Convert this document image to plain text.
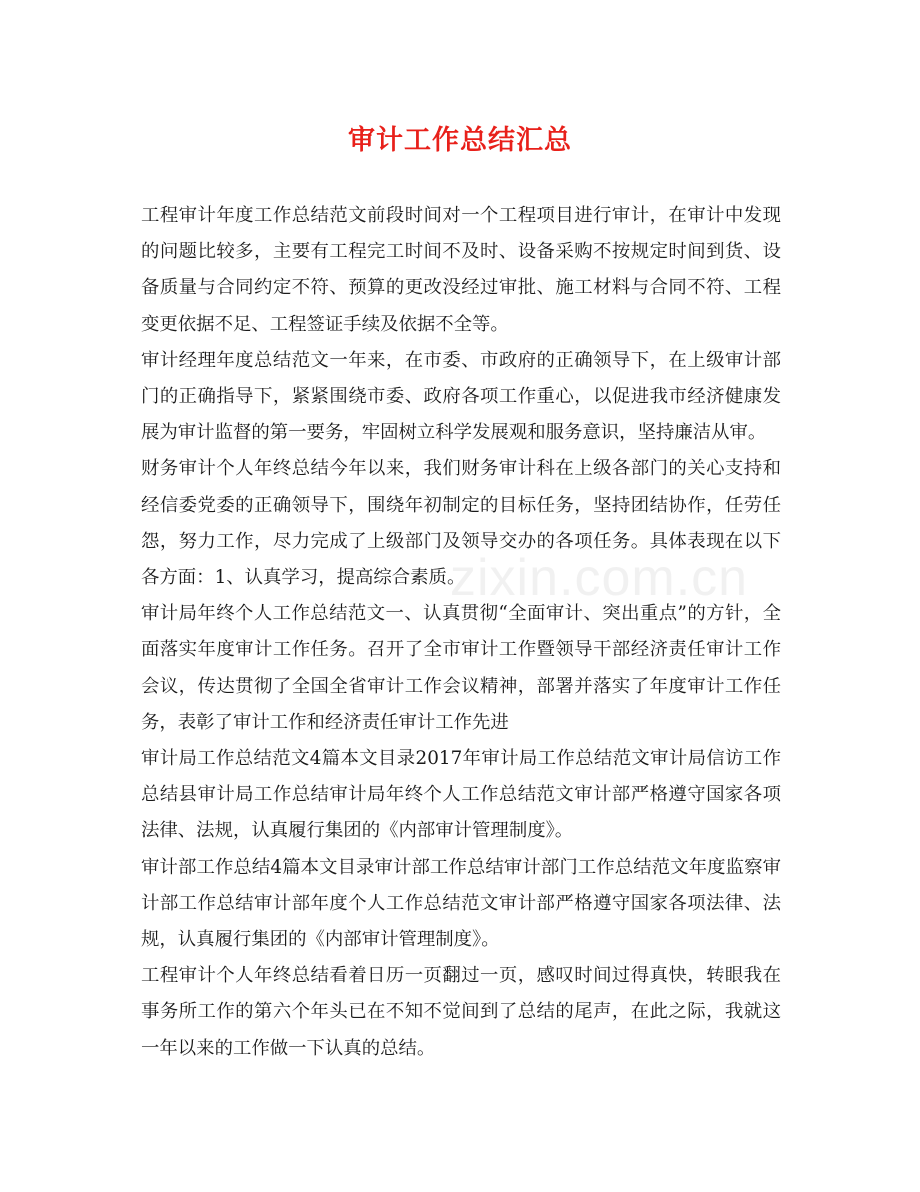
审计工作总结汇总

工程审计年度工作总结范文前段时间对一个工程项目进行审计，在审计中发现的问题比较多，主要有工程完工时间不及时、设备采购不按规定时间到货、设备质量与合同约定不符、预算的更改没经过审批、施工材料与合同不符、工程变更依据不足、工程签证手续及依据不全等。

审计经理年度总结范文一年来，在市委、市政府的正确领导下，在上级审计部门的正确指导下，紧紧围绕市委、政府各项工作重心，以促进我市经济健康发展为审计监督的第一要务，牢固树立科学发展观和服务意识，坚持廉洁从审。

财务审计个人年终总结今年以来，我们财务审计科在上级各部门的关心支持和经信委党委的正确领导下，围绕年初制定的目标任务，坚持团结协作，任劳任怨，努力工作，尽力完成了上级部门及领导交办的各项任务。具体表现在以下各方面：1、认真学习，提高综合素质。

审计局年终个人工作总结范文一、认真贯彻“全面审计、突出重点”的方针，全面落实年度审计工作任务。召开了全市审计工作暨领导干部经济责任审计工作会议，传达贯彻了全国全省审计工作会议精神，部署并落实了年度审计工作任务，表彰了审计工作和经济责任审计工作先进

审计局工作总结范文4篇本文目录2017年审计局工作总结范文审计局信访工作总结县审计局工作总结审计局年终个人工作总结范文审计部严格遵守国家各项法律、法规，认真履行集团的《内部审计管理制度》。

审计部工作总结4篇本文目录审计部工作总结审计部门工作总结范文年度监察审计部工作总结审计部年度个人工作总结范文审计部严格遵守国家各项法律、法规，认真履行集团的《内部审计管理制度》。

工程审计个人年终总结看着日历一页翻过一页，感叹时间过得真快，转眼我在事务所工作的第六个年头已在不知不觉间到了总结的尾声，在此之际，我就这一年以来的工作做一下认真的总结。

zixin.com.cn
